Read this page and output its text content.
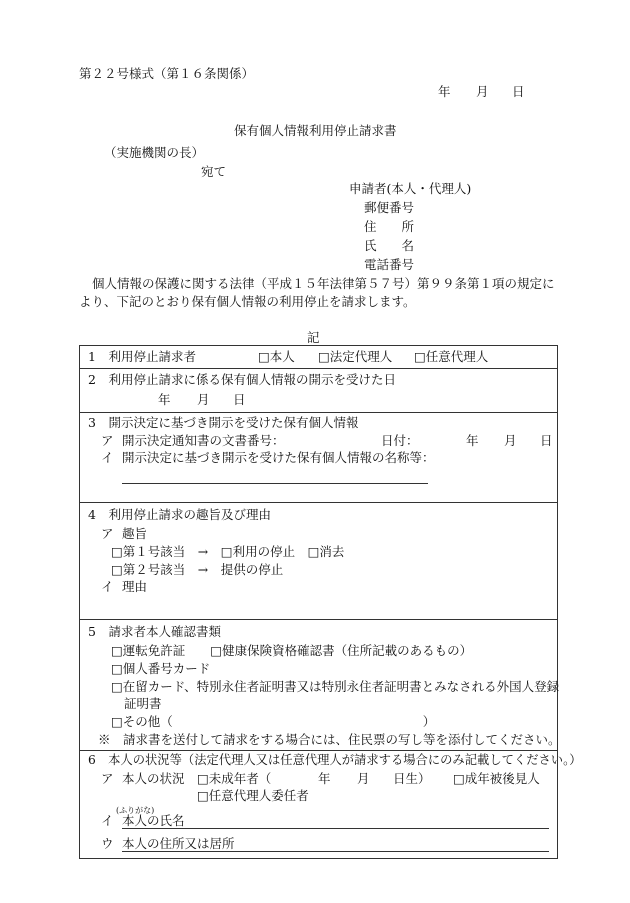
第２２号様式（第１６条関係）
年 月 日
保有個人情報利用停止請求書
（実施機関の長）
宛て
申請者(本人・代理人)
郵便番号
住　　所
氏　　名
電話番号
個人情報の保護に関する法律（平成１５年法律第５７号）第９９条第１項の規定に
より、下記のとおり保有個人情報の利用停止を請求します。
記
1　利用停止請求者	□本人 □法定代理人 □任意代理人
2　利用停止請求に係る保有個人情報の開示を受けた日
年 月 日
3　開示決定に基づき開示を受けた保有個人情報
ア 開示決定通知書の文書番号：	日付：	年 月 日
イ 開示決定に基づき開示を受けた保有個人情報の名称等：
4　利用停止請求の趣旨及び理由
ア 趣旨
□第１号該当　→　□利用の停止　□消去
□第２号該当　→　提供の停止
イ 理由
5　請求者本人確認書類
□運転免許証　　□健康保険資格確認書（住所記載のあるもの）
□個人番号カード
□在留カード、特別永住者証明書又は特別永住者証明書とみなされる外国人登録
証明書
□その他（　　　　　　　　　　　　　　　　　　　　）
※　請求書を送付して請求をする場合には、住民票の写し等を添付してください。
6　本人の状況等（法定代理人又は任意代理人が請求する場合にのみ記載してください。）
ア 本人の状況 □未成年者（	年 月 日生） □成年被後見人
□任意代理人委任者
(ふりがな)
イ 本人の氏名
ウ 本人の住所又は居所
